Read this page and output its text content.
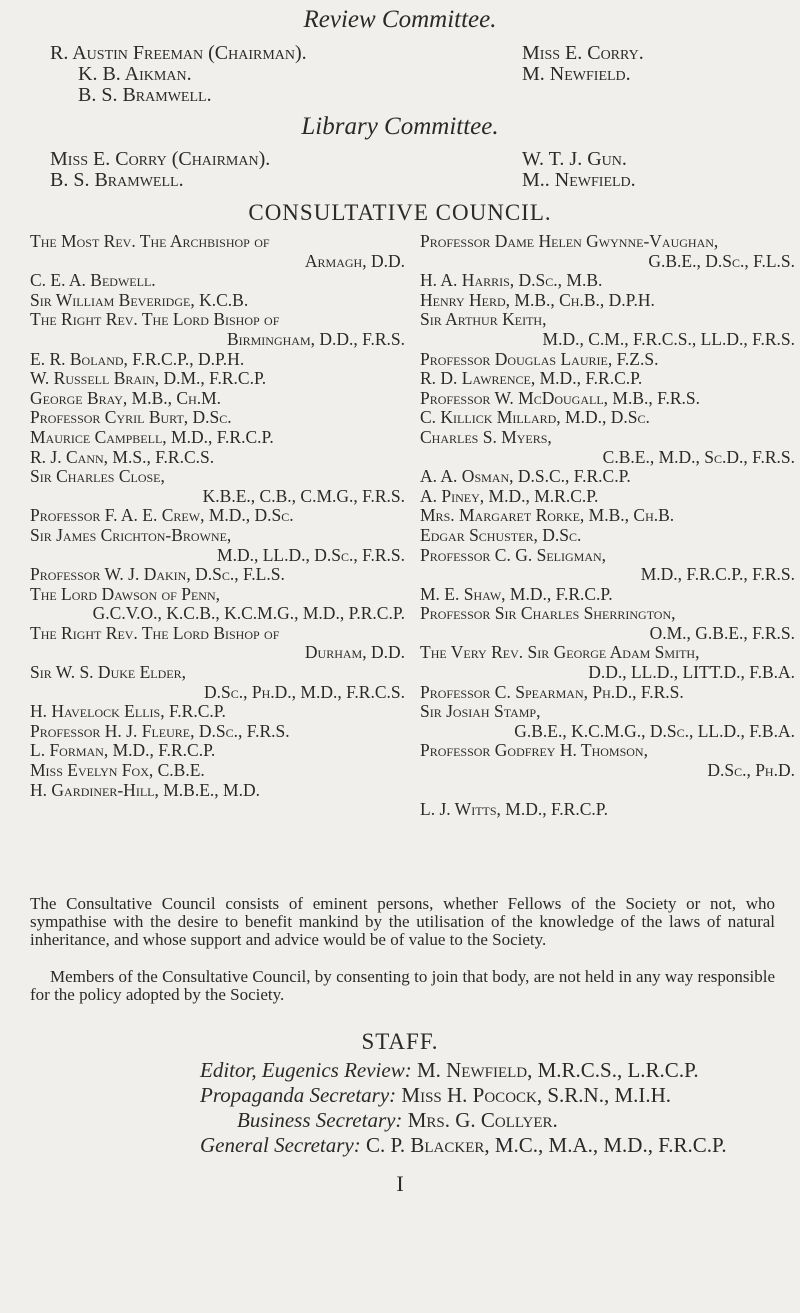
Review Committee.
R. Austin Freeman (Chairman).
K. B. Aikman.
B. S. Bramwell.
Miss E. Corry.
M. Newfield.
Library Committee.
Miss E. Corry (Chairman).
B. S. Bramwell.
W. T. J. Gun.
M.. Newfield.
CONSULTATIVE COUNCIL.
The Most Rev. The Archbishop of
Armagh, D.D.
C. E. A. Bedwell.
Sir William Beveridge, K.C.B.
The Right Rev. The Lord Bishop of
Birmingham, D.D., F.R.S.
E. R. Boland, F.R.C.P., D.P.H.
W. Russell Brain, D.M., F.R.C.P.
George Bray, M.B., Ch.M.
Professor Cyril Burt, D.Sc.
Maurice Campbell, M.D., F.R.C.P.
R. J. Cann, M.S., F.R.C.S.
Sir Charles Close,
K.B.E., C.B., C.M.G., F.R.S.
Professor F. A. E. Crew, M.D., D.Sc.
Sir James Crichton-Browne,
M.D., LL.D., D.Sc., F.R.S.
Professor W. J. Dakin, D.Sc., F.L.S.
The Lord Dawson of Penn,
G.C.V.O., K.C.B., K.C.M.G., M.D., P.R.C.P.
The Right Rev. The Lord Bishop of
Durham, D.D.
Sir W. S. Duke Elder,
D.Sc., Ph.D., M.D., F.R.C.S.
H. Havelock Ellis, F.R.C.P.
Professor H. J. Fleure, D.Sc., F.R.S.
L. Forman, M.D., F.R.C.P.
Miss Evelyn Fox, C.B.E.
H. Gardiner-Hill, M.B.E., M.D.
Professor Dame Helen Gwynne-Vaughan,
G.B.E., D.Sc., F.L.S.
H. A. Harris, D.Sc., M.B.
Henry Herd, M.B., Ch.B., D.P.H.
Sir Arthur Keith,
M.D., C.M., F.R.C.S., LL.D., F.R.S.
Professor Douglas Laurie, F.Z.S.
R. D. Lawrence, M.D., F.R.C.P.
Professor W. McDougall, M.B., F.R.S.
C. Killick Millard, M.D., D.Sc.
Charles S. Myers,
C.B.E., M.D., Sc.D., F.R.S.
A. A. Osman, D.S.C., F.R.C.P.
A. Piney, M.D., M.R.C.P.
Mrs. Margaret Rorke, M.B., Ch.B.
Edgar Schuster, D.Sc.
Professor C. G. Seligman,
M.D., F.R.C.P., F.R.S.
M. E. Shaw, M.D., F.R.C.P.
Professor Sir Charles Sherrington,
O.M., G.B.E., F.R.S.
The Very Rev. Sir George Adam Smith,
D.D., LL.D., LITT.D., F.B.A.
Professor C. Spearman, Ph.D., F.R.S.
Sir Josiah Stamp,
G.B.E., K.C.M.G., D.Sc., LL.D., F.B.A.
Professor Godfrey H. Thomson,
D.Sc., Ph.D.

L. J. Witts, M.D., F.R.C.P.
The Consultative Council consists of eminent persons, whether Fellows of the Society or not, who sympathise with the desire to benefit mankind by the utilisation of the knowledge of the laws of natural inheritance, and whose support and advice would be of value to the Society.
Members of the Consultative Council, by consenting to join that body, are not held in any way responsible for the policy adopted by the Society.
STAFF.
Editor, Eugenics Review: M. Newfield, M.R.C.S., L.R.C.P.
Propaganda Secretary: Miss H. Pocock, S.R.N., M.I.H.
Business Secretary: Mrs. G. Collyer.
General Secretary: C. P. Blacker, M.C., M.A., M.D., F.R.C.P.
I
